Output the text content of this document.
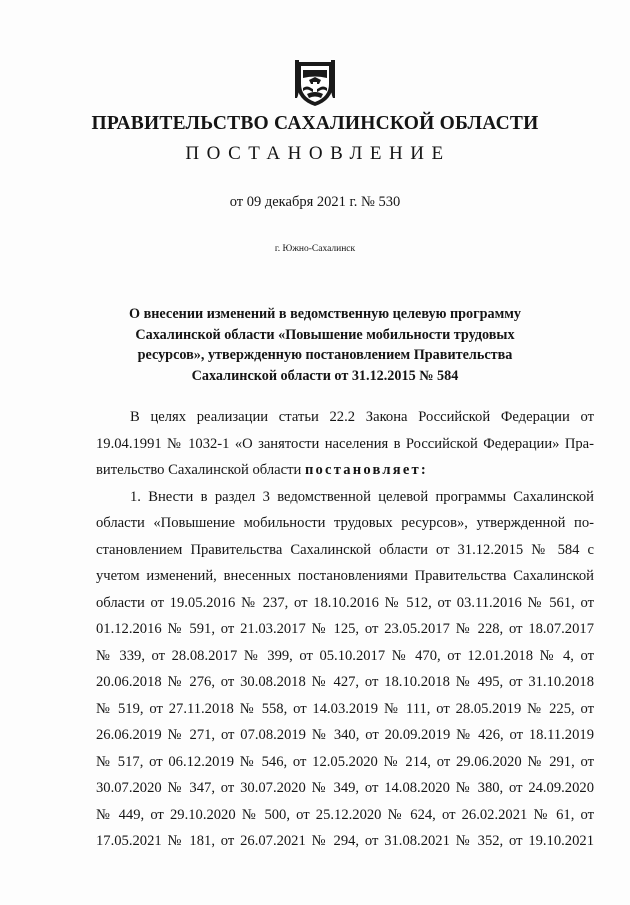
ПРАВИТЕЛЬСТВО САХАЛИНСКОЙ ОБЛАСТИ
ПОСТАНОВЛЕНИЕ
от 09 декабря 2021 г. № 530
г. Южно-Сахалинск
О внесении изменений в ведомственную целевую программу
Сахалинской области «Повышение мобильности трудовых
ресурсов», утвержденную постановлением Правительства
Сахалинской области от 31.12.2015 № 584
В целях реализации статьи 22.2 Закона Российской Федерации от
19.04.1991 № 1032-1 «О занятости населения в Российской Федерации» Пра-
вительство Сахалинской области постановляет:
1. Внести в раздел 3 ведомственной целевой программы Сахалинской
области «Повышение мобильности трудовых ресурсов», утвержденной по-
становлением Правительства Сахалинской области от 31.12.2015 № 584 с
учетом изменений, внесенных постановлениями Правительства Сахалинской
области от 19.05.2016 № 237, от 18.10.2016 № 512, от 03.11.2016 № 561, от
01.12.2016 № 591, от 21.03.2017 № 125, от 23.05.2017 № 228, от 18.07.2017
№ 339, от 28.08.2017 № 399, от 05.10.2017 № 470, от 12.01.2018 № 4, от
20.06.2018 № 276, от 30.08.2018 № 427, от 18.10.2018 № 495, от 31.10.2018
№ 519, от 27.11.2018 № 558, от 14.03.2019 № 111, от 28.05.2019 № 225, от
26.06.2019 № 271, от 07.08.2019 № 340, от 20.09.2019 № 426, от 18.11.2019
№ 517, от 06.12.2019 № 546, от 12.05.2020 № 214, от 29.06.2020 № 291, от
30.07.2020 № 347, от 30.07.2020 № 349, от 14.08.2020 № 380, от 24.09.2020
№ 449, от 29.10.2020 № 500, от 25.12.2020 № 624, от 26.02.2021 № 61, от
17.05.2021 № 181, от 26.07.2021 № 294, от 31.08.2021 № 352, от 19.10.2021
